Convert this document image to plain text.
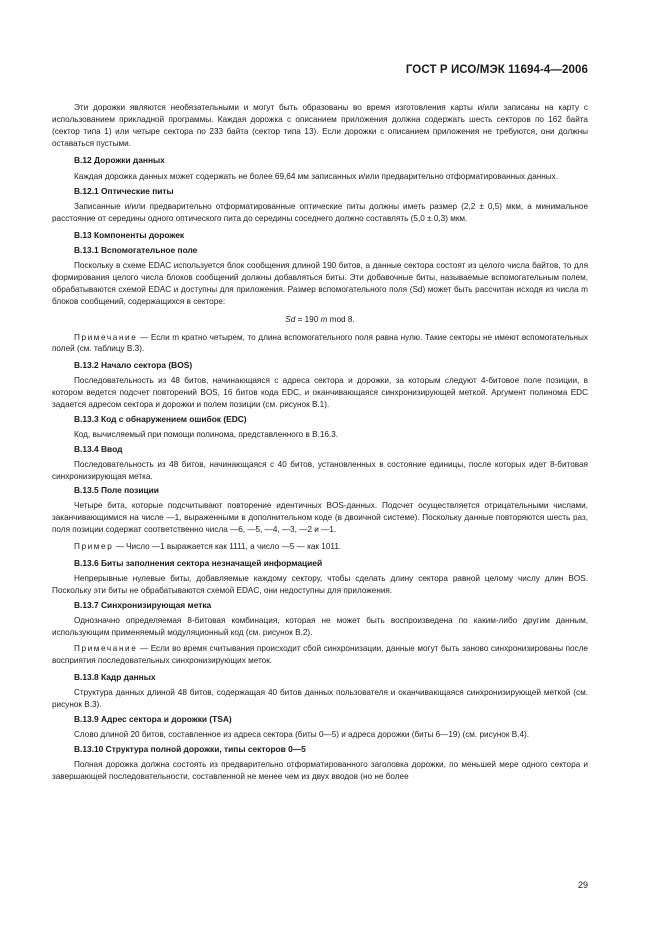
ГОСТ Р ИСО/МЭК 11694-4—2006

Эти дорожки являются необязательными и могут быть образованы во время изготовления карты и/или записаны на карту с использованием прикладной программы. Каждая дорожка с описанием приложения должна содержать шесть секторов по 162 байта (сектор типа 1) или четыре сектора по 233 байта (сектор типа 13). Если дорожки с описанием приложения не требуются, они должны оставаться пустыми.

В.12 Дорожки данных

Каждая дорожка данных может содержать не более 69,64 мм записанных и/или предварительно отформатированных данных.

В.12.1 Оптические питы

Записанные и/или предварительно отформатированные оптические питы должны иметь размер (2,2 ± 0,5) мкм, а минимальное расстояние от середины одного оптического пита до середины соседнего должно составлять (5,0 ± 0,3) мкм.

В.13 Компоненты дорожек
В.13.1 Вспомогательное поле

Поскольку в схеме EDAC используется блок сообщения длиной 190 битов, а данные сектора состоят из целого числа байтов, то для формирования целого числа блоков сообщений должны добавляться биты. Эти добавочные биты, называемые вспомогательным полем, обрабатываются схемой EDAC и доступны для приложения. Размер вспомогательного поля (Sd) может быть рассчитан исходя из числа m блоков сообщений, содержащихся в секторе:

Sd = 190 m mod 8.

Примечание — Если m кратно четырем, то длина вспомогательного поля равна нулю. Такие секторы не имеют вспомогательных полей (см. таблицу В.3).

В.13.2 Начало сектора (BOS)

Последовательность из 48 битов, начинающаяся с адреса сектора и дорожки, за которым следуют 4-битовое поле позиции, в котором ведется подсчет повторений BOS, 16 битов кода EDC, и оканчивающаяся синхронизирующей меткой. Аргумент полинома EDC задается адресом сектора и дорожки и полем позиции (см. рисунок В.1).

В.13.3 Код с обнаружением ошибок (EDC)

Код, вычисляемый при помощи полинома, представленного в В.16.3.

В.13.4 Ввод

Последовательность из 48 битов, начинающаяся с 40 битов, установленных в состояние единицы, после которых идет 8-битовая синхронизирующая метка.

В.13.5 Поле позиции

Четыре бита, которые подсчитывают повторение идентичных BOS-данных. Подсчет осуществляется отрицательными числами, заканчивающимися на числе —1, выраженными в дополнительном коде (в двоичной системе). Поскольку данные повторяются шесть раз, поля позиции содержат соответственно числа —6, —5, —4, —3, —2 и —1.

Пример — Число —1 выражается как 1111, а число —5 — как 1011.

В.13.6 Биты заполнения сектора незначащей информацией

Непрерывные нулевые биты, добавляемые каждому сектору, чтобы сделать длину сектора равной целому числу длин BOS. Поскольку эти биты не обрабатываются схемой EDAC, они недоступны для приложения.

В.13.7 Синхронизирующая метка

Однозначно определяемая 8-битовая комбинация, которая не может быть воспроизведена по каким-либо другим данным, использующим применяемый модуляционный код (см. рисунок В.2).

Примечание — Если во время считывания происходит сбой синхронизации, данные могут быть заново синхронизированы после восприятия последовательных синхронизирующих меток.

В.13.8 Кадр данных

Структура данных длиной 48 битов, содержащая 40 битов данных пользователя и оканчивающаяся синхронизирующей меткой (см. рисунок В.3).

В.13.9 Адрес сектора и дорожки (TSA)

Слово длиной 20 битов, составленное из адреса сектора (биты 0—5) и адреса дорожки (биты 6—19) (см. рисунок В.4).

В.13.10 Структура полной дорожки, типы секторов 0—5

Полная дорожка должна состоять из предварительно отформатированного заголовка дорожки, по меньшей мере одного сектора и завершающей последовательности, составленной не менее чем из двух вводов (но не более

29
